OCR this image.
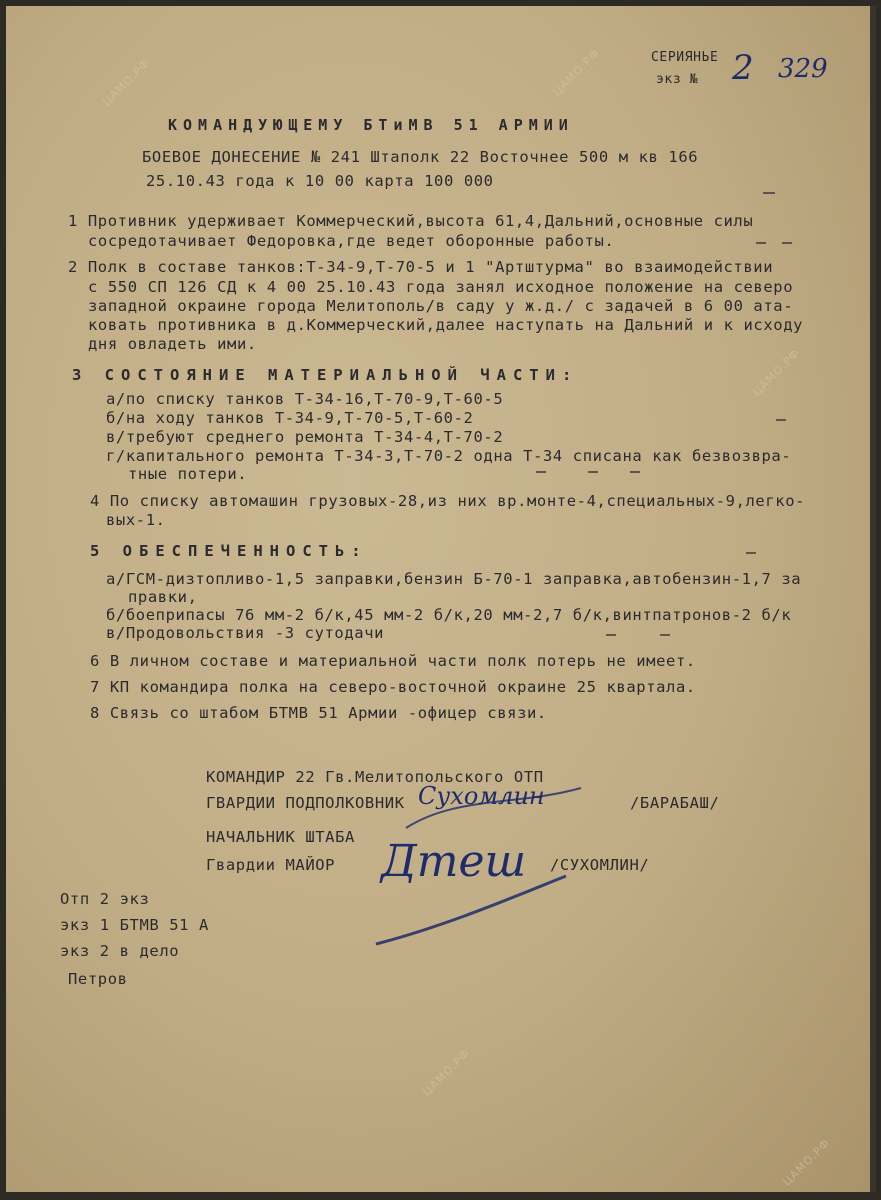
ЦАМО.РФ	ЦАМО.РФ
ЦАМО.РФ
ЦАМО.РФ
ЦАМО.РФ
СЕРИЯНЬЕ
экз № 2 329
КОМАНДУЮЩЕМУ БТиМВ 51 АРМИИ
БОЕВОЕ ДОНЕСЕНИЕ № 241 Штаполк 22 Восточнее 500 м кв 166
25.10.43 года к 10 00 карта 100 000
1 Противник удерживает Коммерческий,высота 61,4,Дальний,основные силы
сосредотачивает Федоровка,где ведет оборонные работы.
2 Полк в составе танков:Т-34-9,Т-70-5 и 1 "Артштурма" во взаимодействии
с 550 СП 126 СД к 4 00 25.10.43 года занял исходное положение на северо
западной окраине города Мелитополь/в саду у ж.д./ с задачей в 6 00 ата-
ковать противника в д.Коммерческий,далее наступать на Дальний и к исходу
дня овладеть ими.
3 СОСТОЯНИЕ МАТЕРИАЛЬНОЙ ЧАСТИ:
а/по списку танков Т-34-16,Т-70-9,Т-60-5
б/на ходу танков Т-34-9,Т-70-5,Т-60-2
в/требуют среднего ремонта Т-34-4,Т-70-2
г/капитального ремонта Т-34-3,Т-70-2 одна Т-34 списана как безвозвра-
тные потери.
4 По списку автомашин грузовых-28,из них вр.монте-4,специальных-9,легко-
вых-1.
5 ОБЕСПЕЧЕННОСТЬ:
а/ГСМ-дизтопливо-1,5 заправки,бензин Б-70-1 заправка,автобензин-1,7 за
правки,
б/боеприпасы 76 мм-2 б/к,45 мм-2 б/к,20 мм-2,7 б/к,винтпатронов-2 б/к
в/Продовольствия -3 сутодачи
6 В личном составе и материальной части полк потерь не имеет.
7 КП командира полка на северо-восточной окраине 25 квартала.
8 Связь со штабом БТМВ 51 Армии -офицер связи.
КОМАНДИР 22 Гв.Мелитопольского ОТП
ГВАРДИИ ПОДПОЛКОВНИК	/БАРАБАШ/
Сухомлин
НАЧАЛЬНИК ШТАБА
Гвардии МАЙОР	/СУХОМЛИН/
Дтеш
Отп 2 экз
экз 1 БТМВ 51 А
экз 2 в дело
Петров
